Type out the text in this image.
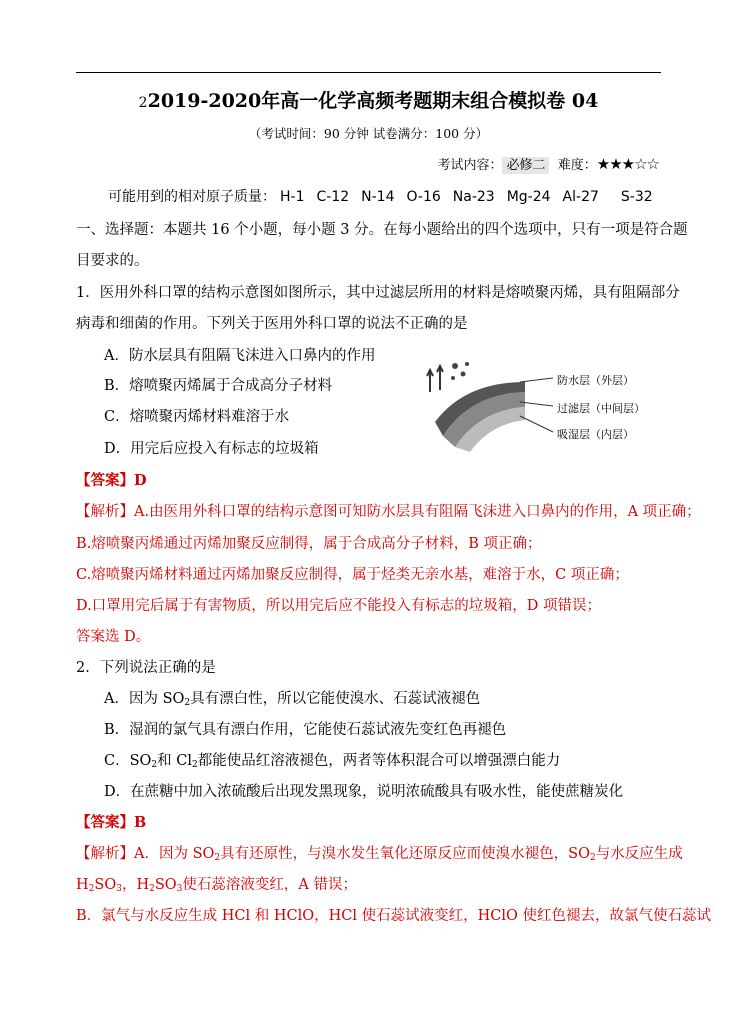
22019-2020年高一化学高频考题期末组合模拟卷 04
（考试时间：90 分钟 试卷满分：100 分）
考试内容： 必修二 难度：★★★☆☆
可能用到的相对原子质量： H-1 C-12 N-14 O-16 Na-23 Mg-24 Al-27 S-32
一、选择题：本题共 16 个小题，每小题 3 分。在每小题给出的四个选项中，只有一项是符合题
目要求的。
1．医用外科口罩的结构示意图如图所示，其中过滤层所用的材料是熔喷聚丙烯，具有阻隔部分
病毒和细菌的作用。下列关于医用外科口罩的说法不正确的是
A．防水层具有阻隔飞沫进入口鼻内的作用
B．熔喷聚丙烯属于合成高分子材料
C．熔喷聚丙烯材料难溶于水
D．用完后应投入有标志的垃圾箱
防水层（外层）
过滤层（中间层）
吸湿层（内层）
【答案】D
【解析】A.由医用外科口罩的结构示意图可知防水层具有阻隔飞沫进入口鼻内的作用，A 项正确；
B.熔喷聚丙烯通过丙烯加聚反应制得，属于合成高分子材料，B 项正确；
C.熔喷聚丙烯材料通过丙烯加聚反应制得，属于烃类无亲水基，难溶于水，C 项正确；
D.口罩用完后属于有害物质，所以用完后应不能投入有标志的垃圾箱，D 项错误；
答案选 D。
2．下列说法正确的是
A．因为 $SO_2$具有漂白性，所以它能使溴水、石蕊试液褪色
B．湿润的氯气具有漂白作用，它能使石蕊试液先变红色再褪色
C．$SO_2$和 $Cl_2$都能使品红溶液褪色，两者等体积混合可以增强漂白能力
D．在蔗糖中加入浓硫酸后出现发黑现象，说明浓硫酸具有吸水性，能使蔗糖炭化
【答案】B
【解析】A．因为 $SO_2$具有还原性，与溴水发生氧化还原反应而使溴水褪色，$SO_2$与水反应生成
$H_2SO_3$，$H_2SO_3$使石蕊溶液变红，A 错误；
B．氯气与水反应生成 HCl 和 HClO，HCl 使石蕊试液变红，HClO 使红色褪去，故氯气使石蕊试
